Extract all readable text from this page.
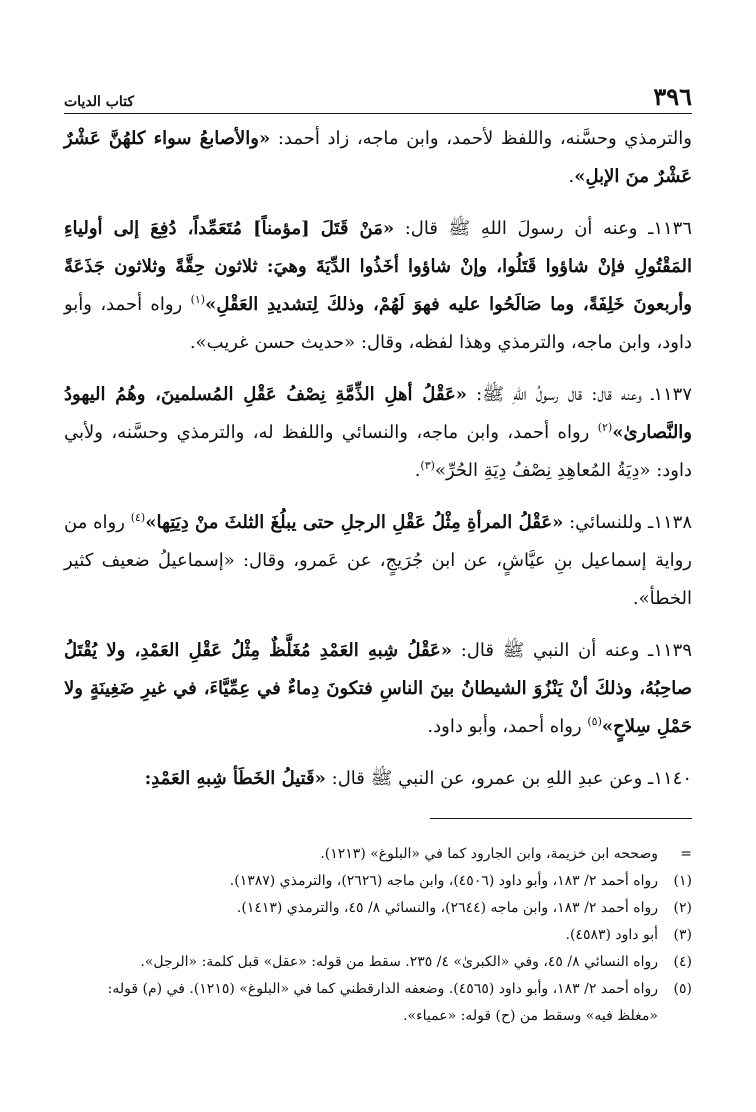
٣٩٦
كتاب الديات

والترمذي وحسَّنه، واللفظ لأحمد، وابن ماجه، زاد أحمد: «والأصابعُ سواء كلهُنَّ عَشْرٌ عَشْرٌ منَ الإبلِ».

١١٣٦ـ وعنه أن رسولَ اللهِ ﷺ قال: «مَنْ قَتَلَ [مؤمناً] مُتَعَمِّداً، دُفِعَ إلى أولياءِ المَقْتُولِ فإنْ شاؤوا قَتَلُوا، وإنْ شاؤوا أخَذُوا الدِّيَةَ وهيَ: ثلاثون حِقَّةً وثلاثون جَذَعَةً وأربعونَ خَلِفَةً، وما صَالَحُوا عليه فهوَ لَهُمْ، وذلكَ لِتشديدِ العَقْلِ»$^{(١)}$ رواه أحمد، وأبو داود، وابن ماجه، والترمذي وهذا لفظه، وقال: «حديث حسن غريب».

١١٣٧ـ وعنه قال: قال رسولُ اللهِ ﷺ: «عَقْلُ أهلِ الذِّمَّةِ نِصْفُ عَقْلِ المُسلمينَ، وهُمُ اليهودُ والنَّصارىٰ»$^{(٢)}$ رواه أحمد، وابن ماجه، والنسائي واللفظ له، والترمذي وحسَّنه، ولأبي داود: «دِيَةُ المُعاهِدِ نِصْفُ دِيَةِ الحُرِّ»$^{(٣)}$.

١١٣٨ـ وللنسائي: «عَقْلُ المرأةِ مِثْلُ عَقْلِ الرجلِ حتى يبلُغَ الثلثَ منْ دِيَتِها»$^{(٤)}$ رواه من رواية إسماعيل بنِ عيَّاشٍ، عن ابن جُرَيجٍ، عن عَمرو، وقال: «إسماعيلُ ضعيف كثير الخطأ».

١١٣٩ـ وعنه أن النبي ﷺ قال: «عَقْلُ شِبهِ العَمْدِ مُغَلَّظٌ مِثْلُ عَقْلِ العَمْدِ، ولا يُقْتَلُ صاحِبُهُ، وذلكَ أنْ يَنْزُوَ الشيطانُ بينَ الناسِ فتكونَ دِماءٌ في عِمِّيَّاءَ، في غيرِ ضَغِينَةٍ ولا حَمْلِ سِلاحٍ»$^{(٥)}$ رواه أحمد، وأبو داود.

١١٤٠ـ وعن عبدِ اللهِ بن عمرو، عن النبي ﷺ قال: «قَتيلُ الخَطَأ شِبهِ العَمْدِ:

=
وصححه ابن خزيمة، وابن الجارود كما في «البلوغ» (١٢١٣).
(١)
رواه أحمد ٢/ ١٨٣، وأبو داود (٤٥٠٦)، وابن ماجه (٢٦٢٦)، والترمذي (١٣٨٧).
(٢)
رواه أحمد ٢/ ١٨٣، وابن ماجه (٢٦٤٤)، والنسائي ٨/ ٤٥، والترمذي (١٤١٣).
(٣)
أبو داود (٤٥٨٣).
(٤)
رواه النسائي ٨/ ٤٥، وفي «الكبرىٰ» ٤/ ٢٣٥. سقط من قوله: «عقل» قبل كلمة: «الرجل».
(٥)
رواه أحمد ٢/ ١٨٣، وأبو داود (٤٥٦٥). وضعفه الدارقطني كما في «البلوغ» (١٢١٥). في (م) قوله: «مغلظ فيه» وسقط من (ح) قوله: «عمياء».
